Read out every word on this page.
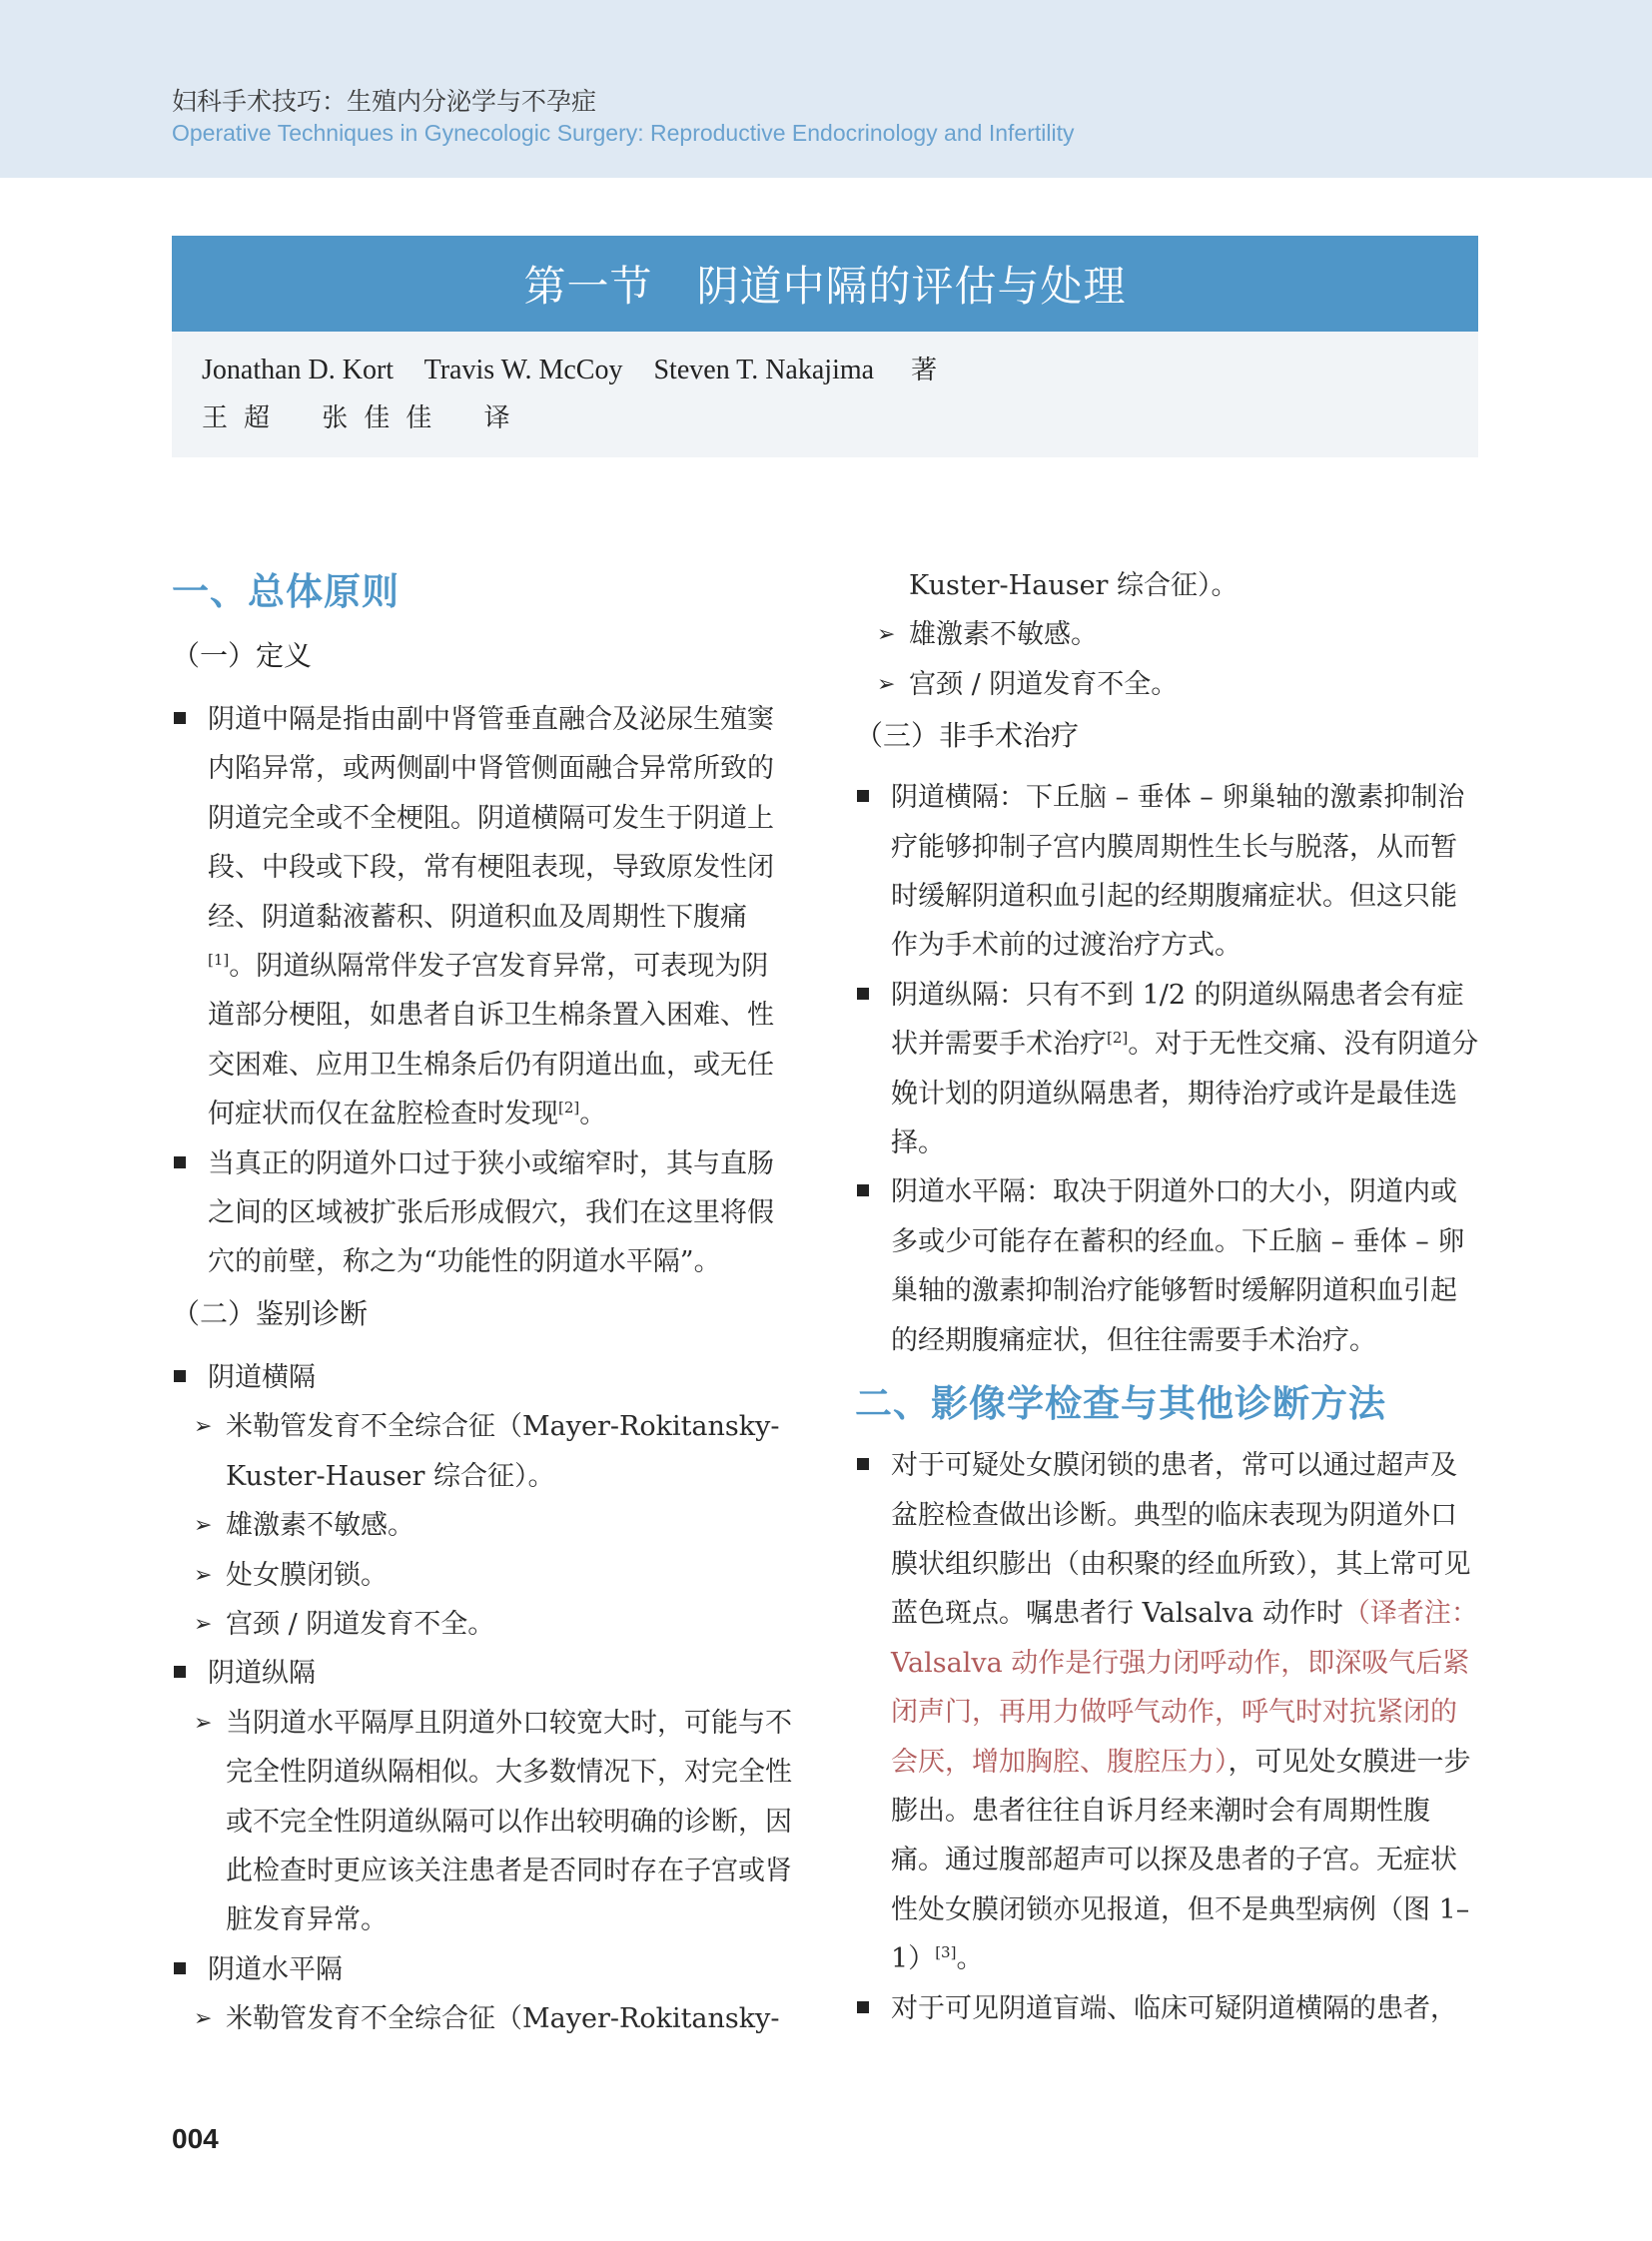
妇科手术技巧：生殖内分泌学与不孕症
Operative Techniques in Gynecologic Surgery: Reproductive Endocrinology and Infertility
第一节 阴道中隔的评估与处理
Jonathan D. Kort Travis W. McCoy Steven T. Nakajima 著
王超 张佳佳 译
一、总体原则
（一）定义
阴道中隔是指由副中肾管垂直融合及泌尿生殖窦内陷异常，或两侧副中肾管侧面融合异常所致的阴道完全或不全梗阻。阴道横隔可发生于阴道上段、中段或下段，常有梗阻表现，导致原发性闭经、阴道黏液蓄积、阴道积血及周期性下腹痛[1]。阴道纵隔常伴发子宫发育异常，可表现为阴道部分梗阻，如患者自诉卫生棉条置入困难、性交困难、应用卫生棉条后仍有阴道出血，或无任何症状而仅在盆腔检查时发现[2]。
当真正的阴道外口过于狭小或缩窄时，其与直肠之间的区域被扩张后形成假穴，我们在这里将假穴的前壁，称之为“功能性的阴道水平隔”。
（二）鉴别诊断
阴道横隔
➢ 米勒管发育不全综合征（Mayer-Rokitansky-Kuster-Hauser 综合征）。
➢ 雄激素不敏感。
➢ 处女膜闭锁。
➢ 宫颈 / 阴道发育不全。
阴道纵隔
➢ 当阴道水平隔厚且阴道外口较宽大时，可能与不完全性阴道纵隔相似。大多数情况下，对完全性或不完全性阴道纵隔可以作出较明确的诊断，因此检查时更应该关注患者是否同时存在子宫或肾脏发育异常。
阴道水平隔
➢ 米勒管发育不全综合征（Mayer-Rokitansky-
Kuster-Hauser 综合征）。
➢ 雄激素不敏感。
➢ 宫颈 / 阴道发育不全。
（三）非手术治疗
阴道横隔：下丘脑 – 垂体 – 卵巢轴的激素抑制治疗能够抑制子宫内膜周期性生长与脱落，从而暂时缓解阴道积血引起的经期腹痛症状。但这只能作为手术前的过渡治疗方式。
阴道纵隔：只有不到 1/2 的阴道纵隔患者会有症状并需要手术治疗[2]。对于无性交痛、没有阴道分娩计划的阴道纵隔患者，期待治疗或许是最佳选择。
阴道水平隔：取决于阴道外口的大小，阴道内或多或少可能存在蓄积的经血。下丘脑 – 垂体 – 卵巢轴的激素抑制治疗能够暂时缓解阴道积血引起的经期腹痛症状，但往往需要手术治疗。
二、影像学检查与其他诊断方法
对于可疑处女膜闭锁的患者，常可以通过超声及盆腔检查做出诊断。典型的临床表现为阴道外口膜状组织膨出（由积聚的经血所致），其上常可见蓝色斑点。嘱患者行 Valsalva 动作时（译者注：Valsalva 动作是行强力闭呼动作，即深吸气后紧闭声门，再用力做呼气动作，呼气时对抗紧闭的会厌，增加胸腔、腹腔压力），可见处女膜进一步膨出。患者往往自诉月经来潮时会有周期性腹痛。通过腹部超声可以探及患者的子宫。无症状性处女膜闭锁亦见报道，但不是典型病例（图 1–1）[3]。
对于可见阴道盲端、临床可疑阴道横隔的患者，
004
